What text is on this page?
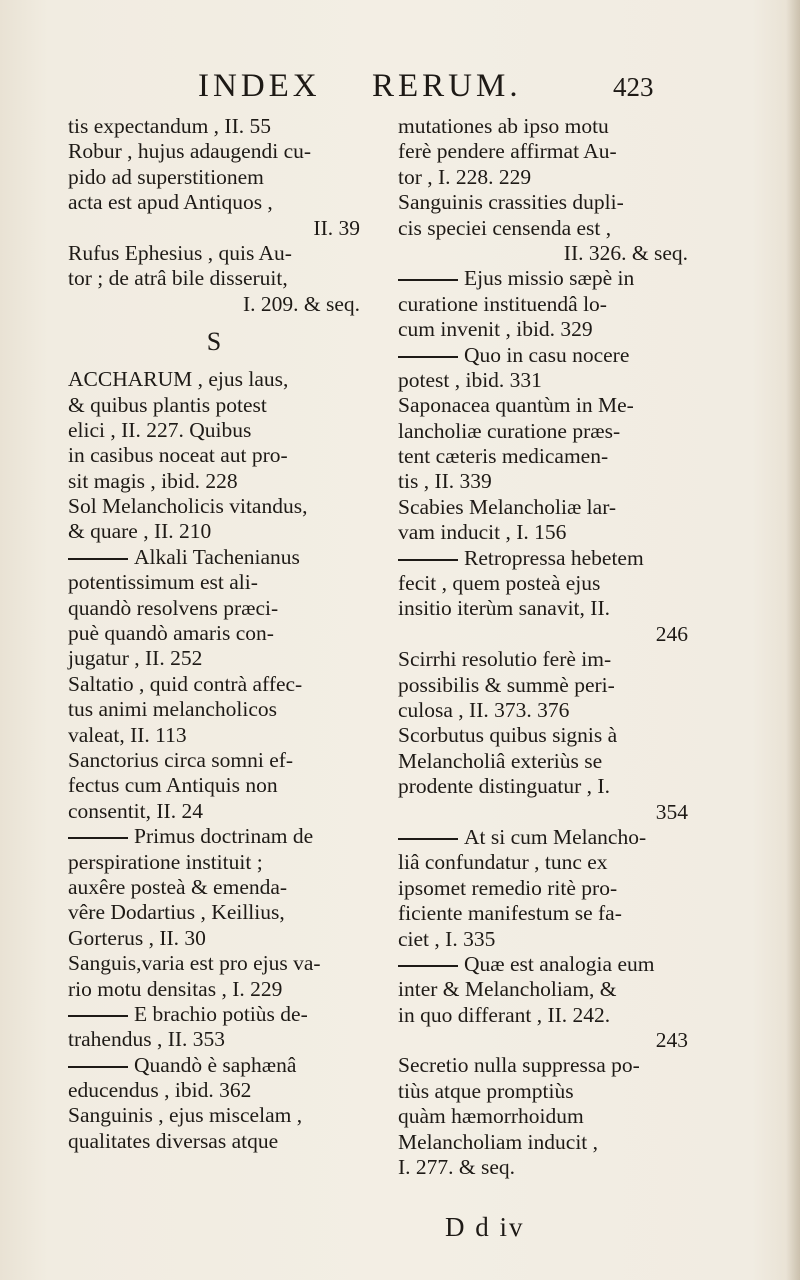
INDEX RERUM.	423
tis expectandum , II. 55
Robur , hujus adaugendi cu-
pido ad superstitionem
acta est apud Antiquos ,
II. 39
Rufus Ephesius , quis Au-
tor ; de atrâ bile disseruit,
I. 209. & seq.
S
ACCHARUM , ejus laus,
& quibus plantis potest
elici , II. 227. Quibus
in casibus noceat aut pro-
sit magis , ibid. 228
Sol Melancholicis vitandus,
& quare , II. 210
Alkali Tachenianus
potentissimum est ali-
quandò resolvens præci-
puè quandò amaris con-
jugatur , II. 252
Saltatio , quid contrà affec-
tus animi melancholicos
valeat, II. 113
Sanctorius circa somni ef-
fectus cum Antiquis non
consentit, II. 24
Primus doctrinam de
perspiratione instituit ;
auxêre posteà & emenda-
vêre Dodartius , Keillius,
Gorterus , II. 30
Sanguis,varia est pro ejus va-
rio motu densitas , I. 229
E brachio potiùs de-
trahendus , II. 353
Quandò è saphænâ
educendus , ibid. 362
Sanguinis , ejus miscelam ,
qualitates diversas atque
mutationes ab ipso motu
ferè pendere affirmat Au-
tor , I. 228. 229
Sanguinis crassities dupli-
cis speciei censenda est ,
II. 326. & seq.
Ejus missio sæpè in
curatione instituendâ lo-
cum invenit , ibid. 329
Quo in casu nocere
potest , ibid. 331
Saponacea quantùm in Me-
lancholiæ curatione præs-
tent cæteris medicamen-
tis , II. 339
Scabies Melancholiæ lar-
vam inducit , I. 156
Retropressa hebetem
fecit , quem posteà ejus
insitio iterùm sanavit, II.
246
Scirrhi resolutio ferè im-
possibilis & summè peri-
culosa , II. 373. 376
Scorbutus quibus signis à
Melancholiâ exteriùs se
prodente distinguatur , I.
354
At si cum Melancho-
liâ confundatur , tunc ex
ipsomet remedio ritè pro-
ficiente manifestum se fa-
ciet , I. 335
Quæ est analogia eum
inter & Melancholiam, &
in quo differant , II. 242.
243
Secretio nulla suppressa po-
tiùs atque promptiùs
quàm hæmorrhoidum
Melancholiam inducit ,
I. 277. & seq.
D d iv
